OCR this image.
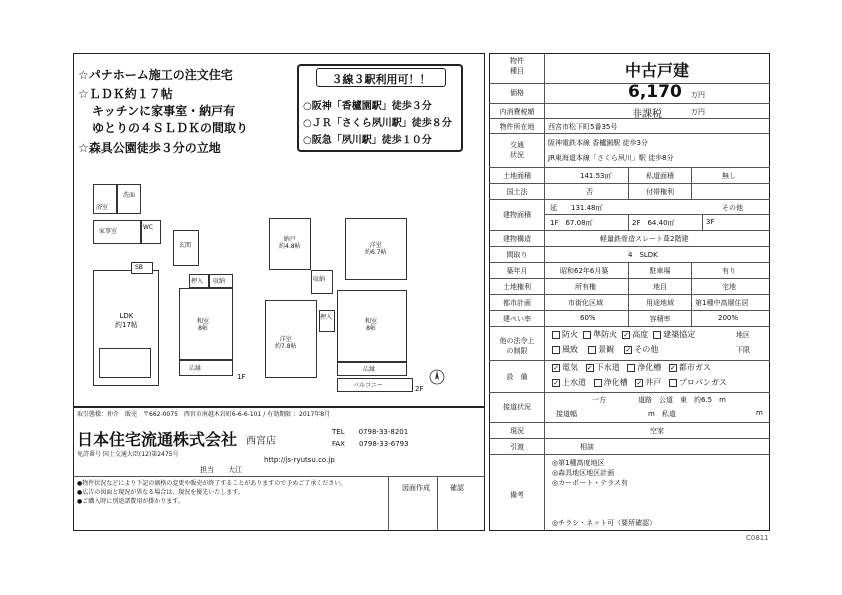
☆パナホーム施工の注文住宅
☆ＬＤＫ約１７帖
キッチンに家事室・納戸有
ゆとりの４ＳＬＤＫの間取り
☆森具公園徒歩３分の立地
３線３駅利用可！！
○阪神「香櫨園駅」徒歩３分
○ＪＲ「さくら夙川駅」徒歩８分
○阪急「夙川駅」徒歩１０分
浴室
洗面
家事室
WC
玄関
LDK
約17帖
SB
押入 収納
和室
8帖
広縁
1F
納戸
約4.8帖	洋室
約6.7帖
収納
洋室
約7.8帖
押入
和室
8帖
広縁
バルコニー	2F
取引態様：仲介　販売　〒662-0075　西宮市南越木岩町6-6-6-101 / 有効期限 ：2017年8月
日本住宅流通株式会社 西宮店
TEL　　0798-33-8201
FAX　　0798-33-6793
免許番号 国土交通大臣(12)第2475号
http://js-ryutsu.co.jp
担当 大江
●物件状況などにより下記の価格の変更や販売が終了することがありますので予めご了承ください。
●広告の図面と現況が異なる場合は、現況を優先いたします。
●ご購入時に別途諸費用が掛かります。
図面作成	確認
物件
種目	中古戸建
価格	6,170 万円
内消費税額	非課税	万円
物件所在地	西宮市松下町5番35号
交通
状況
阪神電鉄本線 香櫨園駅 徒歩3分
JR東海道本線「さくら夙川」駅 徒歩8分
土地面積	141.53㎡	私道面積	無し
国土法	否	付帯権利
建物面積
延　　131.48㎡	その他
1F　67.08㎡	2F　64.40㎡	3F
建物構造	軽量鉄骨造スレート葺2階建
間取り	4　SLDK
築年月	昭和62年6月築	駐車場	有り
土地権利	所有権	地目	宅地
都市計画	市街化区域	用途地域	第1種中高層住居
建ぺい率	60%	容積率	200%
他の法令上
の制限
防火 準防火 ✓ 高度 建築協定
風致	景観 ✓ その他
地区
下限
設　備
✓ 電気 ✓ 下水道 浄化槽 ✓ 都市ガス
✓ 上水道 浄化槽 ✓ 井戸 プロパンガス
接道状況
一方	道路　公道　東　約6.5　m
接道幅	m　私道	m
現況	空家
引渡	相談
備考
◎第1種高度地区
◎森具地区地区計画
◎カーポート・テラス有
◎チラシ・ネット可（要所確認）
C0811
